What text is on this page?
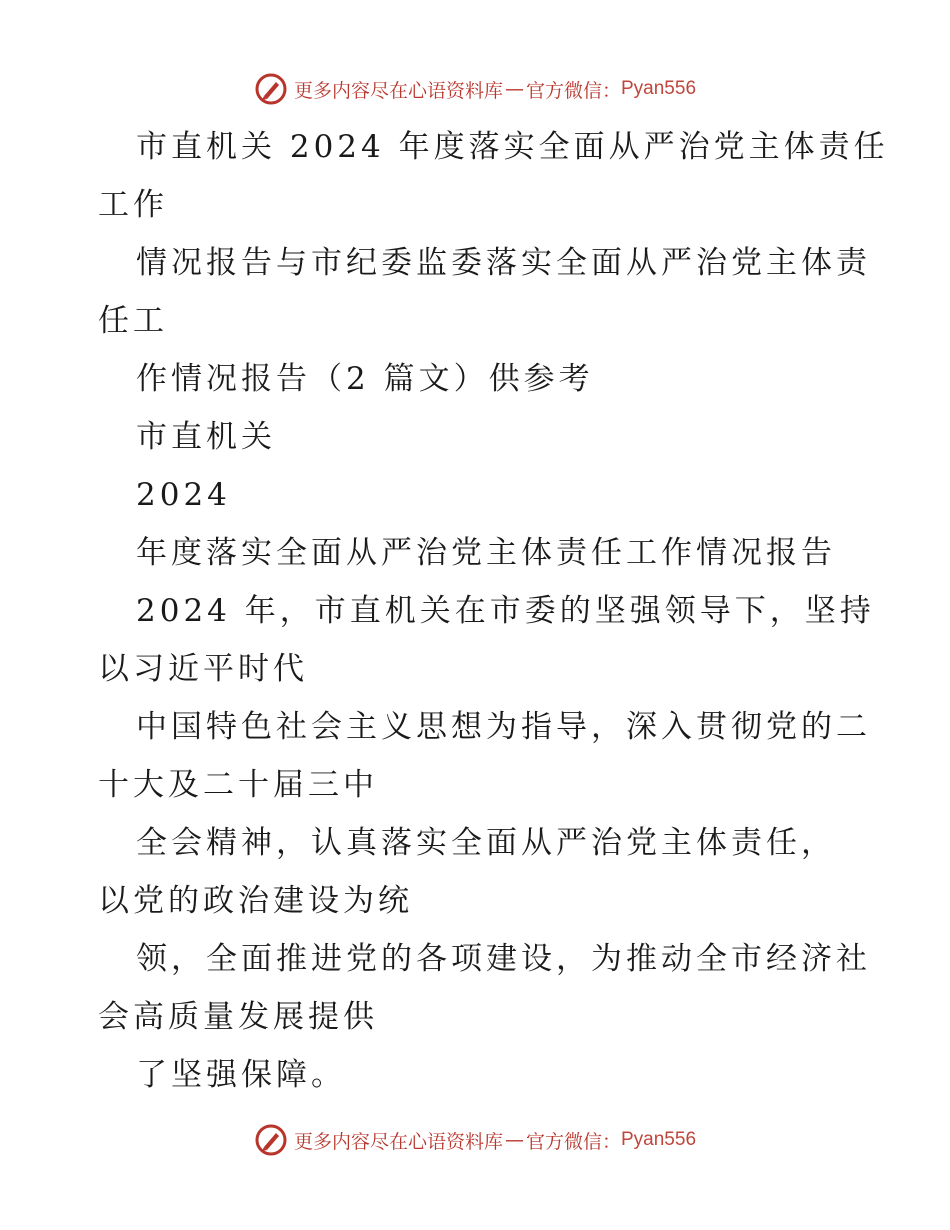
更多内容尽在心语资料库 — 官方微信： Pyan556
市直机关 2024 年度落实全面从严治党主体责任
工作
情况报告与市纪委监委落实全面从严治党主体责
任工
作情况报告（2 篇文）供参考
市直机关
2024
年度落实全面从严治党主体责任工作情况报告
2024 年，市直机关在市委的坚强领导下，坚持
以习近平时代
中国特色社会主义思想为指导，深入贯彻党的二
十大及二十届三中
全会精神，认真落实全面从严治党主体责任，
以党的政治建设为统
领，全面推进党的各项建设，为推动全市经济社
会高质量发展提供
了坚强保障。
更多内容尽在心语资料库 — 官方微信： Pyan556
